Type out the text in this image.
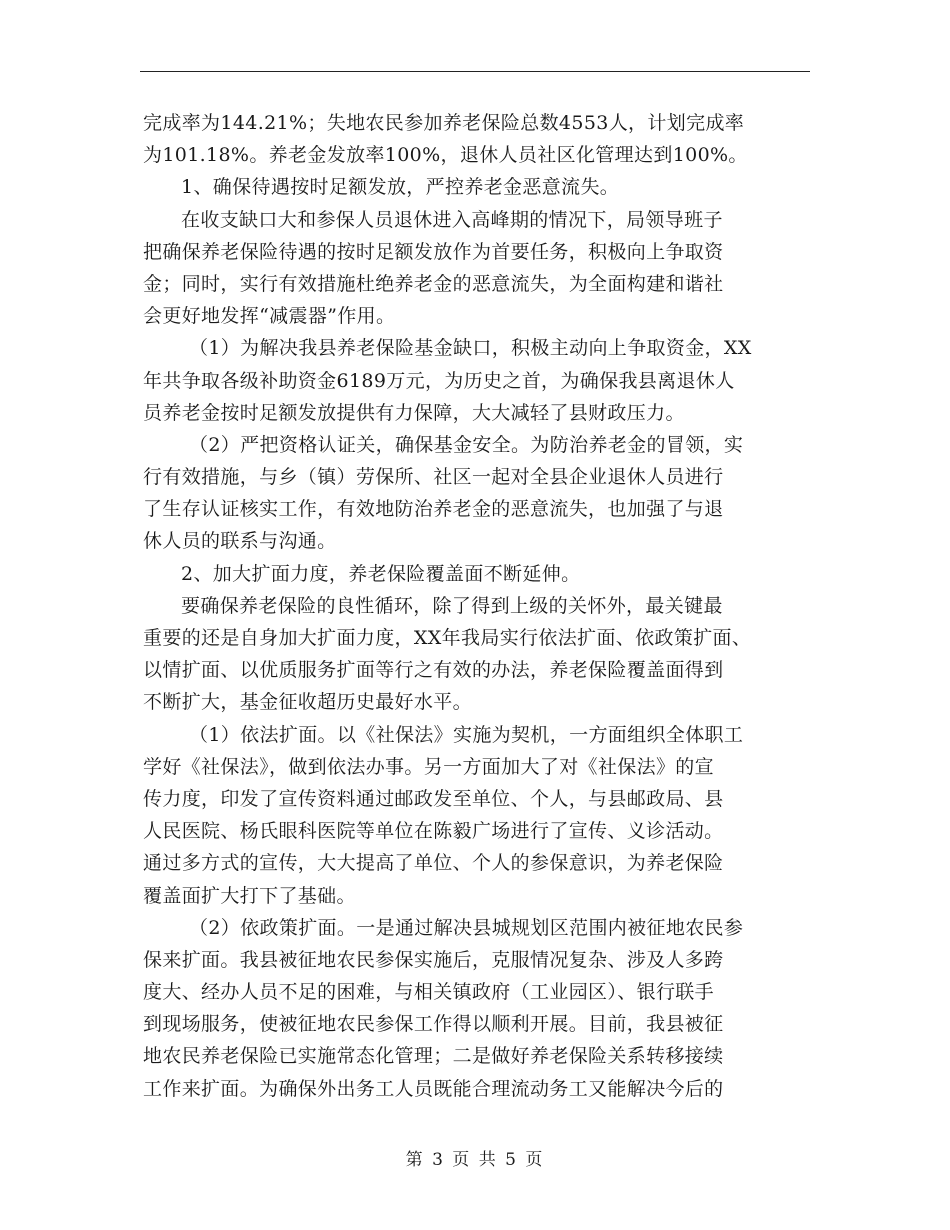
完成率为144.21%；失地农民参加养老保险总数4553人，计划完成率
为101.18%。养老金发放率100%，退休人员社区化管理达到100%。
1、确保待遇按时足额发放，严控养老金恶意流失。
在收支缺口大和参保人员退休进入高峰期的情况下，局领导班子
把确保养老保险待遇的按时足额发放作为首要任务，积极向上争取资
金；同时，实行有效措施杜绝养老金的恶意流失，为全面构建和谐社
会更好地发挥“减震器”作用。
（1）为解决我县养老保险基金缺口，积极主动向上争取资金，XX
年共争取各级补助资金6189万元，为历史之首，为确保我县离退休人
员养老金按时足额发放提供有力保障，大大减轻了县财政压力。
（2）严把资格认证关，确保基金安全。为防治养老金的冒领，实
行有效措施，与乡（镇）劳保所、社区一起对全县企业退休人员进行
了生存认证核实工作，有效地防治养老金的恶意流失，也加强了与退
休人员的联系与沟通。
2、加大扩面力度，养老保险覆盖面不断延伸。
要确保养老保险的良性循环，除了得到上级的关怀外，最关键最
重要的还是自身加大扩面力度，XX年我局实行依法扩面、依政策扩面、
以情扩面、以优质服务扩面等行之有效的办法，养老保险覆盖面得到
不断扩大，基金征收超历史最好水平。
（1）依法扩面。以《社保法》实施为契机，一方面组织全体职工
学好《社保法》，做到依法办事。另一方面加大了对《社保法》的宣
传力度，印发了宣传资料通过邮政发至单位、个人，与县邮政局、县
人民医院、杨氏眼科医院等单位在陈毅广场进行了宣传、义诊活动。
通过多方式的宣传，大大提高了单位、个人的参保意识，为养老保险
覆盖面扩大打下了基础。
（2）依政策扩面。一是通过解决县城规划区范围内被征地农民参
保来扩面。我县被征地农民参保实施后，克服情况复杂、涉及人多跨
度大、经办人员不足的困难，与相关镇政府（工业园区）、银行联手
到现场服务，使被征地农民参保工作得以顺利开展。目前，我县被征
地农民养老保险已实施常态化管理；二是做好养老保险关系转移接续
工作来扩面。为确保外出务工人员既能合理流动务工又能解决今后的
第 3 页 共 5 页
